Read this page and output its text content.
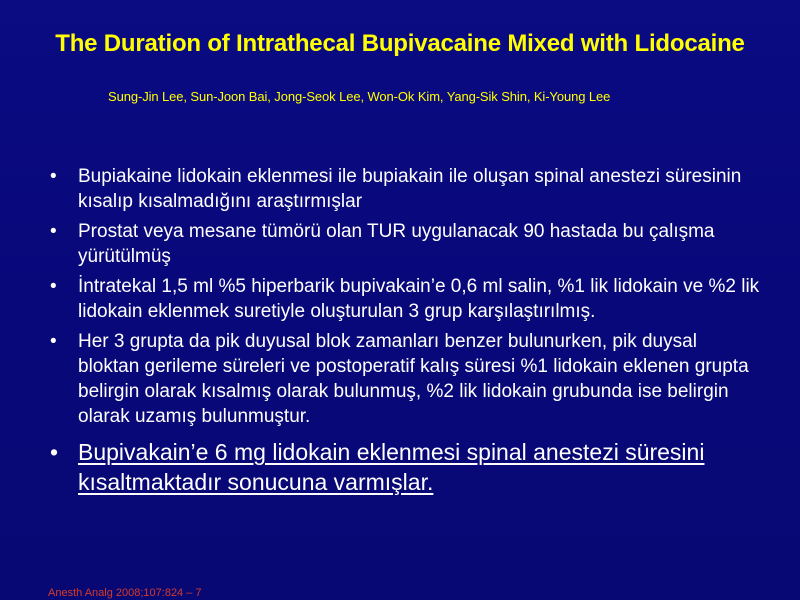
The Duration of Intrathecal Bupivacaine Mixed with Lidocaine
Sung-Jin Lee, Sun-Joon Bai, Jong-Seok Lee, Won-Ok Kim, Yang-Sik Shin, Ki-Young Lee
• Bupiakaine lidokain eklenmesi ile bupiakain ile oluşan spinal anestezi süresinin kısalıp kısalmadığını araştırmışlar
• Prostat veya mesane tümörü olan TUR uygulanacak 90 hastada bu çalışma yürütülmüş
• İntratekal 1,5 ml %5 hiperbarik bupivakain’e 0,6 ml salin, %1 lik lidokain ve %2 lik lidokain eklenmek suretiyle oluşturulan 3 grup karşılaştırılmış.
• Her 3 grupta da pik duyusal blok zamanları benzer bulunurken, pik duysal bloktan gerileme süreleri ve postoperatif kalış süresi %1 lidokain eklenen grupta belirgin olarak kısalmış olarak bulunmuş, %2 lik lidokain grubunda ise belirgin olarak uzamış bulunmuştur.
• Bupivakain’e 6 mg lidokain eklenmesi spinal anestezi süresini kısaltmaktadır sonucuna varmışlar.
Anesth Analg 2008;107:824 – 7
